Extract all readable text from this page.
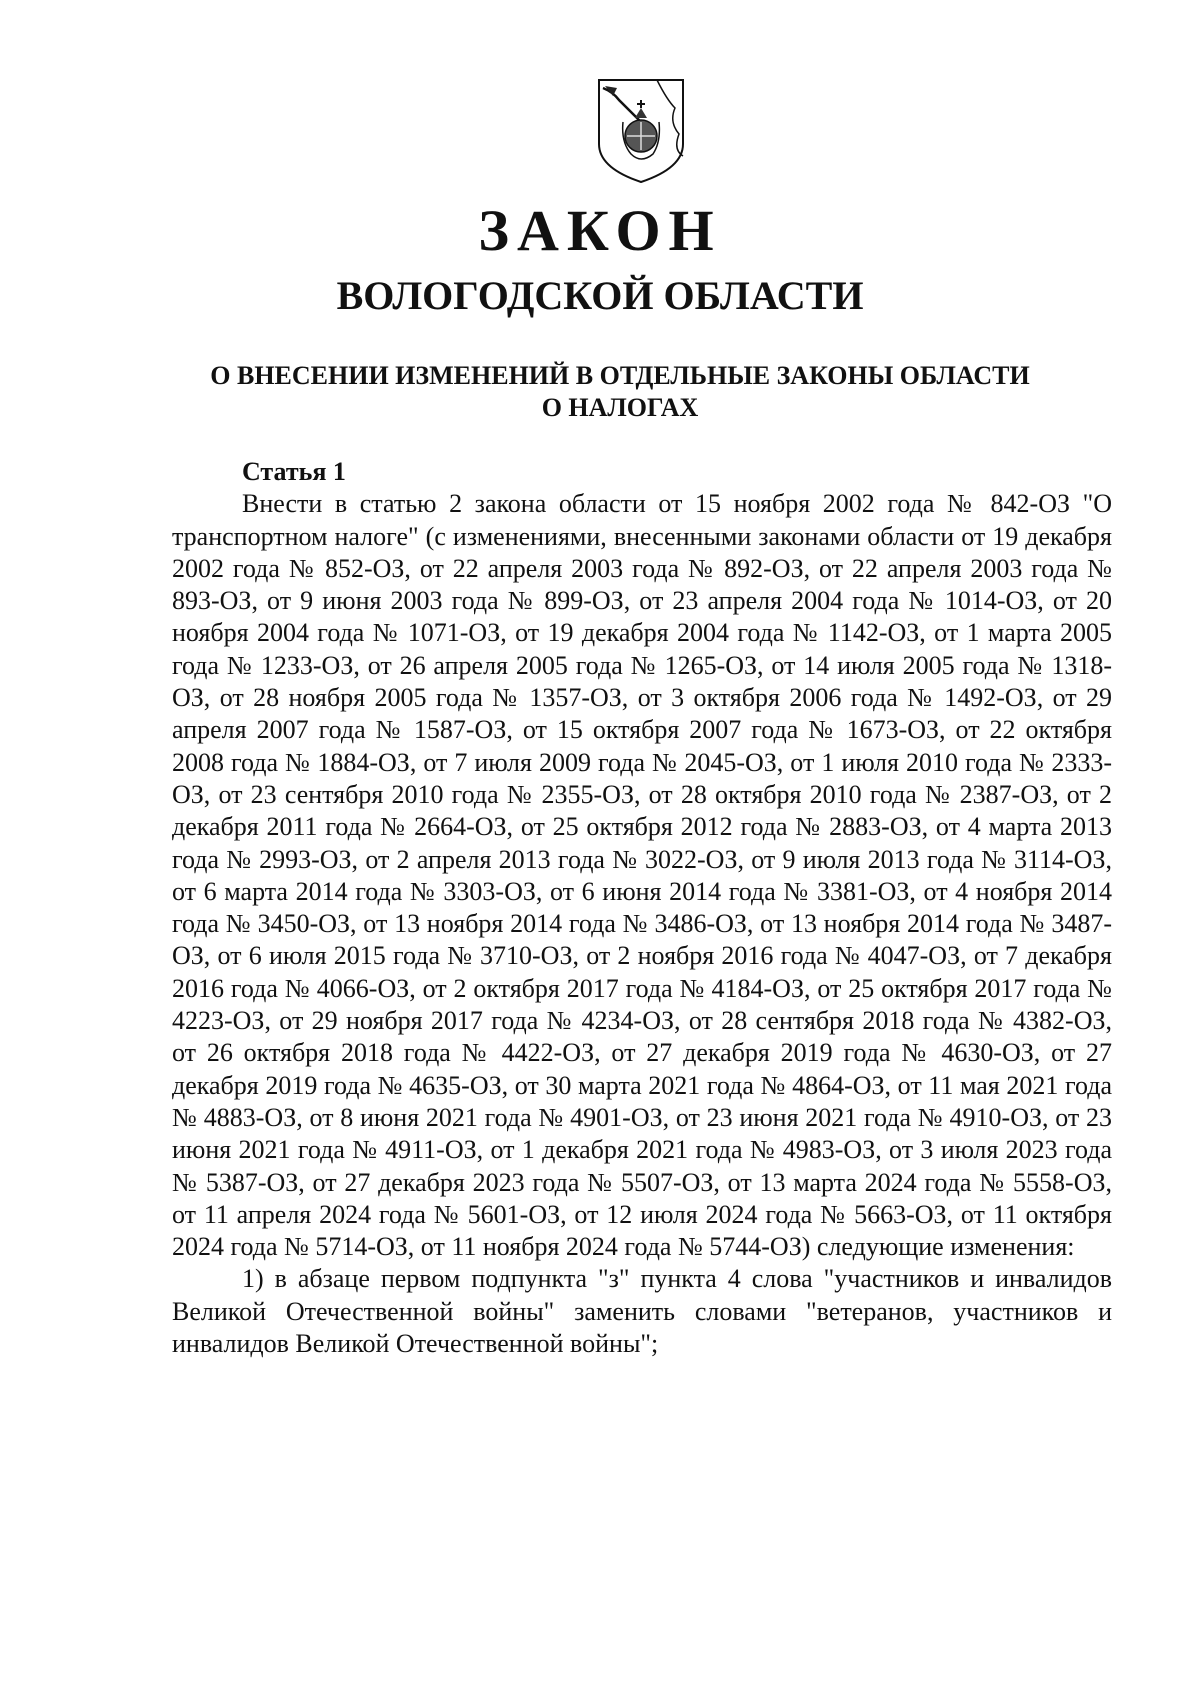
ЗАКОН
ВОЛОГОДСКОЙ ОБЛАСТИ
О ВНЕСЕНИИ ИЗМЕНЕНИЙ В ОТДЕЛЬНЫЕ ЗАКОНЫ ОБЛАСТИ
О НАЛОГАХ
Статья 1

Внести в статью 2 закона области от 15 ноября 2002 года № 842-ОЗ "О транспортном налоге" (с изменениями, внесенными законами области от 19 декабря 2002 года № 852-ОЗ, от 22 апреля 2003 года № 892-ОЗ, от 22 апреля 2003 года № 893-ОЗ, от 9 июня 2003 года № 899-ОЗ, от 23 апреля 2004 года № 1014-ОЗ, от 20 ноября 2004 года № 1071-ОЗ, от 19 декабря 2004 года № 1142-ОЗ, от 1 марта 2005 года № 1233-ОЗ, от 26 апреля 2005 года № 1265-ОЗ, от 14 июля 2005 года № 1318-ОЗ, от 28 ноября 2005 года № 1357-ОЗ, от 3 октября 2006 года № 1492-ОЗ, от 29 апреля 2007 года № 1587-ОЗ, от 15 октября 2007 года № 1673-ОЗ, от 22 октября 2008 года № 1884-ОЗ, от 7 июля 2009 года № 2045-ОЗ, от 1 июля 2010 года № 2333-ОЗ, от 23 сентября 2010 года № 2355-ОЗ, от 28 октября 2010 года № 2387-ОЗ, от 2 декабря 2011 года № 2664-ОЗ, от 25 октября 2012 года № 2883-ОЗ, от 4 марта 2013 года № 2993-ОЗ, от 2 апреля 2013 года № 3022-ОЗ, от 9 июля 2013 года № 3114-ОЗ, от 6 марта 2014 года № 3303-ОЗ, от 6 июня 2014 года № 3381-ОЗ, от 4 ноября 2014 года № 3450-ОЗ, от 13 ноября 2014 года № 3486-ОЗ, от 13 ноября 2014 года № 3487-ОЗ, от 6 июля 2015 года № 3710-ОЗ, от 2 ноября 2016 года № 4047-ОЗ, от 7 декабря 2016 года № 4066-ОЗ, от 2 октября 2017 года № 4184-ОЗ, от 25 октября 2017 года № 4223-ОЗ, от 29 ноября 2017 года № 4234-ОЗ, от 28 сентября 2018 года № 4382-ОЗ, от 26 октября 2018 года № 4422-ОЗ, от 27 декабря 2019 года № 4630-ОЗ, от 27 декабря 2019 года № 4635-ОЗ, от 30 марта 2021 года № 4864-ОЗ, от 11 мая 2021 года № 4883-ОЗ, от 8 июня 2021 года № 4901-ОЗ, от 23 июня 2021 года № 4910-ОЗ, от 23 июня 2021 года № 4911-ОЗ, от 1 декабря 2021 года № 4983-ОЗ, от 3 июля 2023 года № 5387-ОЗ, от 27 декабря 2023 года № 5507-ОЗ, от 13 марта 2024 года № 5558-ОЗ, от 11 апреля 2024 года № 5601-ОЗ, от 12 июля 2024 года № 5663-ОЗ, от 11 октября 2024 года № 5714-ОЗ, от 11 ноября 2024 года № 5744-ОЗ) следующие изменения:

1) в абзаце первом подпункта "з" пункта 4 слова "участников и инвалидов Великой Отечественной войны" заменить словами "ветеранов, участников и инвалидов Великой Отечественной войны";
